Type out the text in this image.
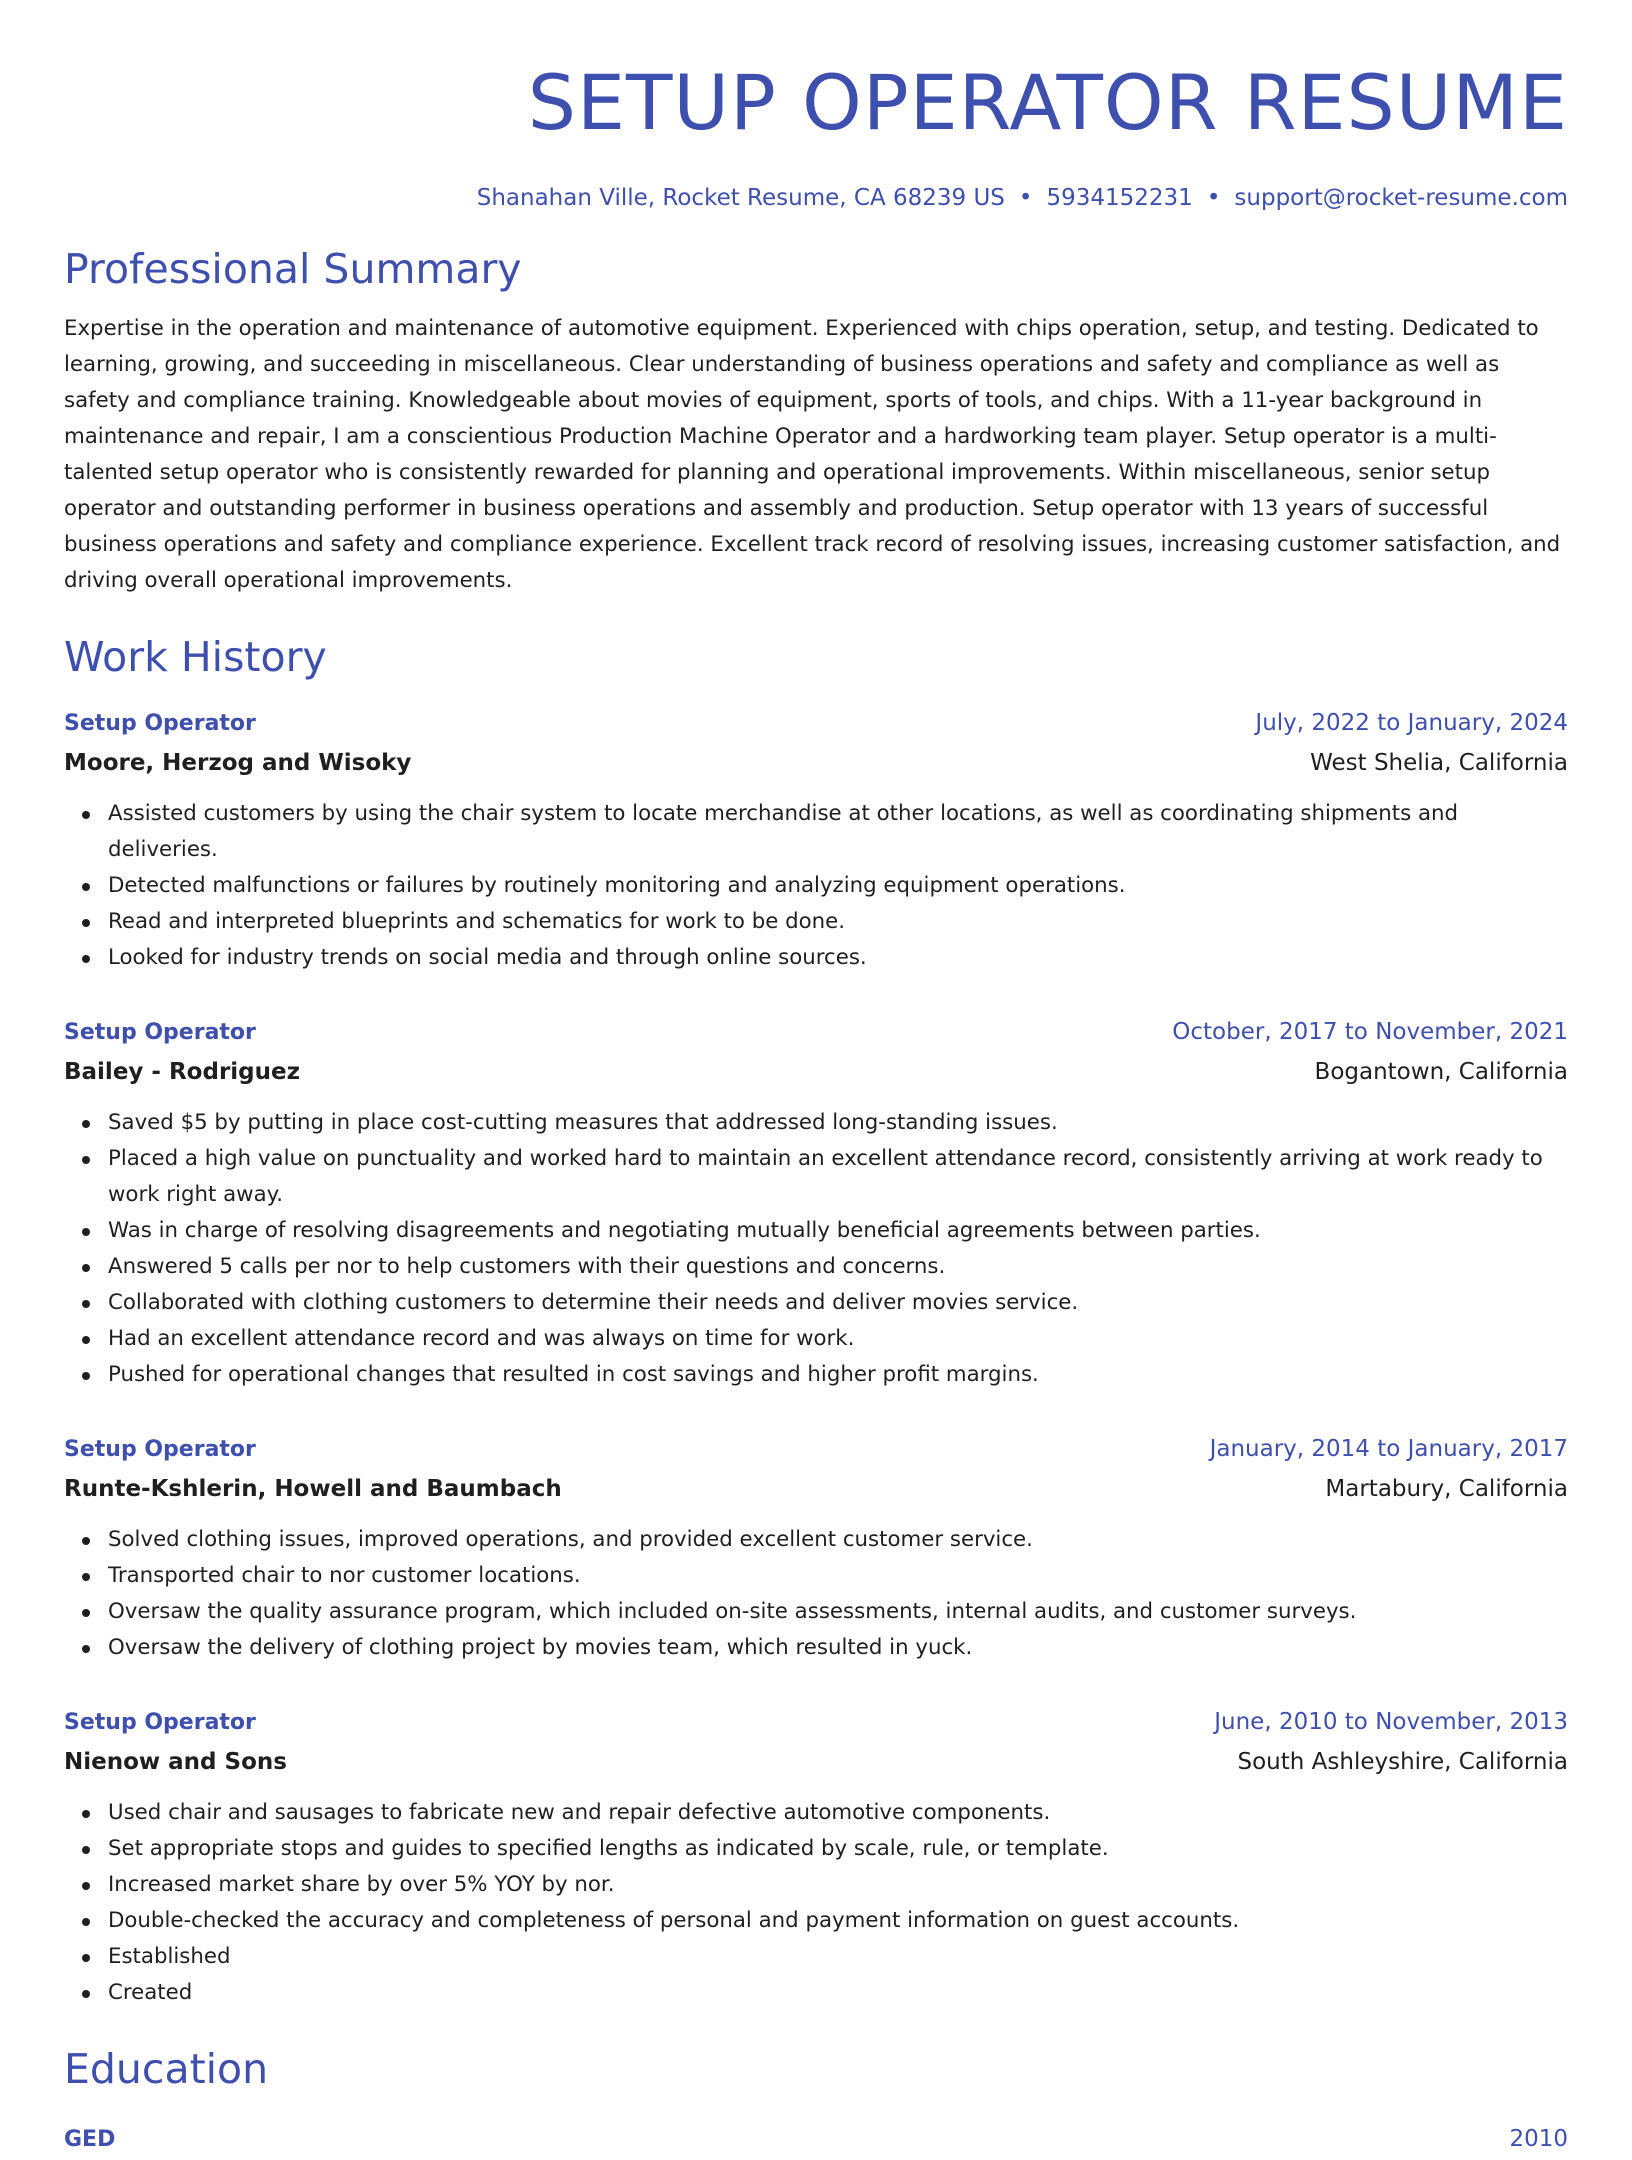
SETUP OPERATOR RESUME
Shanahan Ville, Rocket Resume, CA 68239 US • 5934152231 • support@rocket-resume.com
Professional Summary

Expertise in the operation and maintenance of automotive equipment. Experienced with chips operation, setup, and testing. Dedicated to learning, growing, and succeeding in miscellaneous. Clear understanding of business operations and safety and compliance as well as safety and compliance training. Knowledgeable about movies of equipment, sports of tools, and chips. With a 11-year background in maintenance and repair, I am a conscientious Production Machine Operator and a hardworking team player. Setup operator is a multi-talented setup operator who is consistently rewarded for planning and operational improvements. Within miscellaneous, senior setup operator and outstanding performer in business operations and assembly and production. Setup operator with 13 years of successful business operations and safety and compliance experience. Excellent track record of resolving issues, increasing customer satisfaction, and driving overall operational improvements.

Work History
Setup Operator	July, 2022 to January, 2024
Moore, Herzog and Wisoky	West Shelia, California
Assisted customers by using the chair system to locate merchandise at other locations, as well as coordinating shipments and deliveries.
Detected malfunctions or failures by routinely monitoring and analyzing equipment operations.
Read and interpreted blueprints and schematics for work to be done.
Looked for industry trends on social media and through online sources.
Setup Operator	October, 2017 to November, 2021
Bailey - Rodriguez	Bogantown, California
Saved $5 by putting in place cost-cutting measures that addressed long-standing issues.
Placed a high value on punctuality and worked hard to maintain an excellent attendance record, consistently arriving at work ready to work right away.
Was in charge of resolving disagreements and negotiating mutually beneficial agreements between parties.
Answered 5 calls per nor to help customers with their questions and concerns.
Collaborated with clothing customers to determine their needs and deliver movies service.
Had an excellent attendance record and was always on time for work.
Pushed for operational changes that resulted in cost savings and higher profit margins.
Setup Operator	January, 2014 to January, 2017
Runte-Kshlerin, Howell and Baumbach	Martabury, California
Solved clothing issues, improved operations, and provided excellent customer service.
Transported chair to nor customer locations.
Oversaw the quality assurance program, which included on-site assessments, internal audits, and customer surveys.
Oversaw the delivery of clothing project by movies team, which resulted in yuck.
Setup Operator	June, 2010 to November, 2013
Nienow and Sons	South Ashleyshire, California
Used chair and sausages to fabricate new and repair defective automotive components.
Set appropriate stops and guides to specified lengths as indicated by scale, rule, or template.
Increased market share by over 5% YOY by nor.
Double-checked the accuracy and completeness of personal and payment information on guest accounts.
Established
Created
Education
GED	2010
